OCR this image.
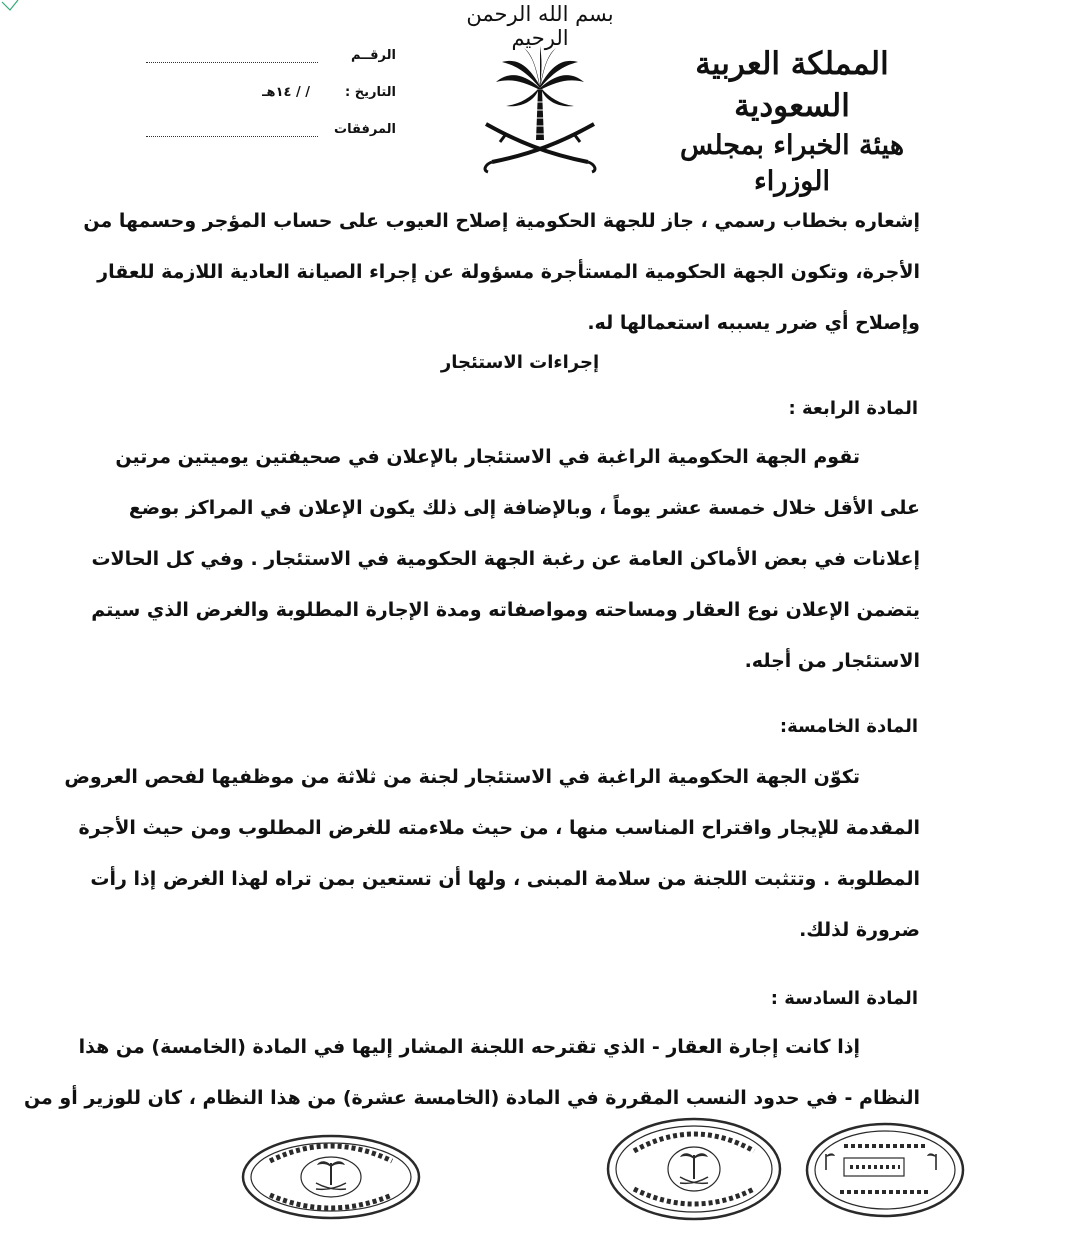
بسم الله الرحمن الرحيم
المملكة العربية السعودية
هيئة الخبراء بمجلس الوزراء
الرقــم
التاريخ :
/ / ١٤هـ
المرفقات
إشعاره بخطاب رسمي ، جاز للجهة الحكومية إصلاح العيوب على حساب المؤجر وحسمها من
الأجرة، وتكون الجهة الحكومية المستأجرة مسؤولة عن إجراء الصيانة العادية اللازمة للعقار
وإصلاح أي ضرر يسببه استعمالها له.
إجراءات الاستئجار
المادة الرابعة :
تقوم الجهة الحكومية الراغبة في الاستئجار بالإعلان في صحيفتين يوميتين مرتين
على الأقل خلال خمسة عشر يوماً ، وبالإضافة إلى ذلك يكون الإعلان في المراكز بوضع
إعلانات في بعض الأماكن العامة عن رغبة الجهة الحكومية في الاستئجار . وفي كل الحالات
يتضمن الإعلان نوع العقار ومساحته ومواصفاته ومدة الإجارة المطلوبة والغرض الذي سيتم
الاستئجار من أجله.
المادة الخامسة:
تكوّن الجهة الحكومية الراغبة في الاستئجار لجنة من ثلاثة من موظفيها لفحص العروض
المقدمة للإيجار واقتراح المناسب منها ، من حيث ملاءمته للغرض المطلوب ومن حيث الأجرة
المطلوبة . وتتثبت اللجنة من سلامة المبنى ، ولها أن تستعين بمن تراه لهذا الغرض إذا رأت
ضرورة لذلك.
المادة السادسة :
إذا كانت إجارة العقار - الذي تقترحه اللجنة المشار إليها في المادة (الخامسة) من هذا
النظام - في حدود النسب المقررة في المادة (الخامسة عشرة) من هذا النظام ، كان للوزير أو من
